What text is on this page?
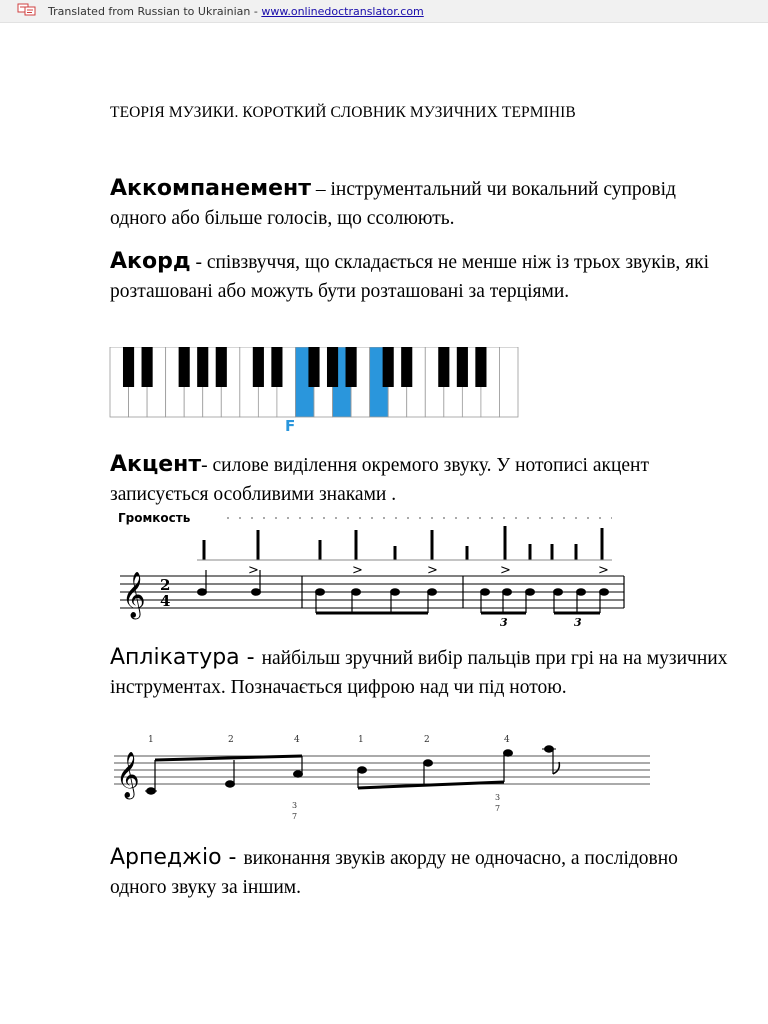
Translated from Russian to Ukrainian - www.onlinedoctranslator.com
ТЕОРІЯ МУЗИКИ. КОРОТКИЙ СЛОВНИК МУЗИЧНИХ ТЕРМІНІВ
Аккомпанемент – інструментальний чи вокальний супровід одного або більше голосів, що ссолюють.
Акорд - співзвуччя, що складається не менше ніж із трьох звуків, які розташовані або можуть бути розташовані за терціями.
F
Акцент- силове виділення окремого звуку. У нотописі акцент записується особливими знаками .
Громкость
>	>	>	>	>
𝄞 2
4
3	3
Аплікатура - найбільш зручний вибір пальців при грі на на музичних інструментах. Позначається цифрою над чи під нотою.
1	2	4	1	2	4
𝄞
3
7
3
7
Арпеджіо - виконання звуків акорду не одночасно, а послідовно одного звуку за іншим.
